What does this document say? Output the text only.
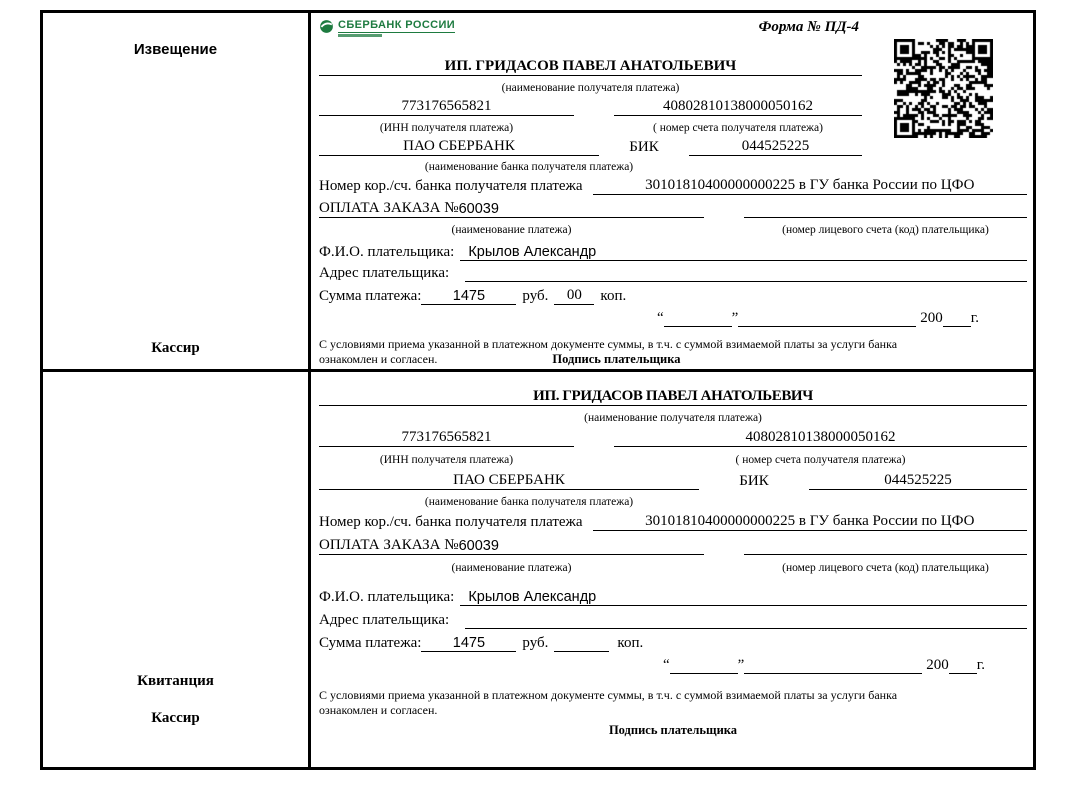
Извещение
Кассир
СБЕРБАНК РОССИИ	Форма № ПД-4
ИП. ГРИДАСОВ ПАВЕЛ АНАТОЛЬЕВИЧ
(наименование получателя платежа)
773176565821	40802810138000050162
(ИНН получателя платежа)	( номер счета получателя платежа)
ПАО СБЕРБАНК	БИК	044525225
(наименование банка получателя платежа)
Номер кор./сч. банка получателя платежа	30101810400000000225 в ГУ банка России по ЦФО
ОПЛАТА ЗАКАЗА № 60039
(наименование платежа)	(номер лицевого счета (код) плательщика)
Ф.И.О. плательщика: Крылов Александр
Адрес плательщика:
Сумма платежа:	1475	руб.	00	коп.
“	”	200 г.
С условиями приема указанной в платежном документе суммы, в т.ч. с суммой взимаемой платы за услуги банка
ознакомлен и согласен.	Подпись плательщика
Квитанция
Кассир
ИП. ГРИДАСОВ ПАВЕЛ АНАТОЛЬЕВИЧ
(наименование получателя платежа)
773176565821	40802810138000050162
(ИНН получателя платежа)	( номер счета получателя платежа)
ПАО СБЕРБАНК	БИК	044525225
(наименование банка получателя платежа)
Номер кор./сч. банка получателя платежа	30101810400000000225 в ГУ банка России по ЦФО
ОПЛАТА ЗАКАЗА № 60039
(наименование платежа)	(номер лицевого счета (код) плательщика)
Ф.И.О. плательщика: Крылов Александр
Адрес плательщика:
Сумма платежа:	1475	руб.	коп.
“	”	200 г.
С условиями приема указанной в платежном документе суммы, в т.ч. с суммой взимаемой платы за услуги банка
ознакомлен и согласен.
Подпись плательщика
